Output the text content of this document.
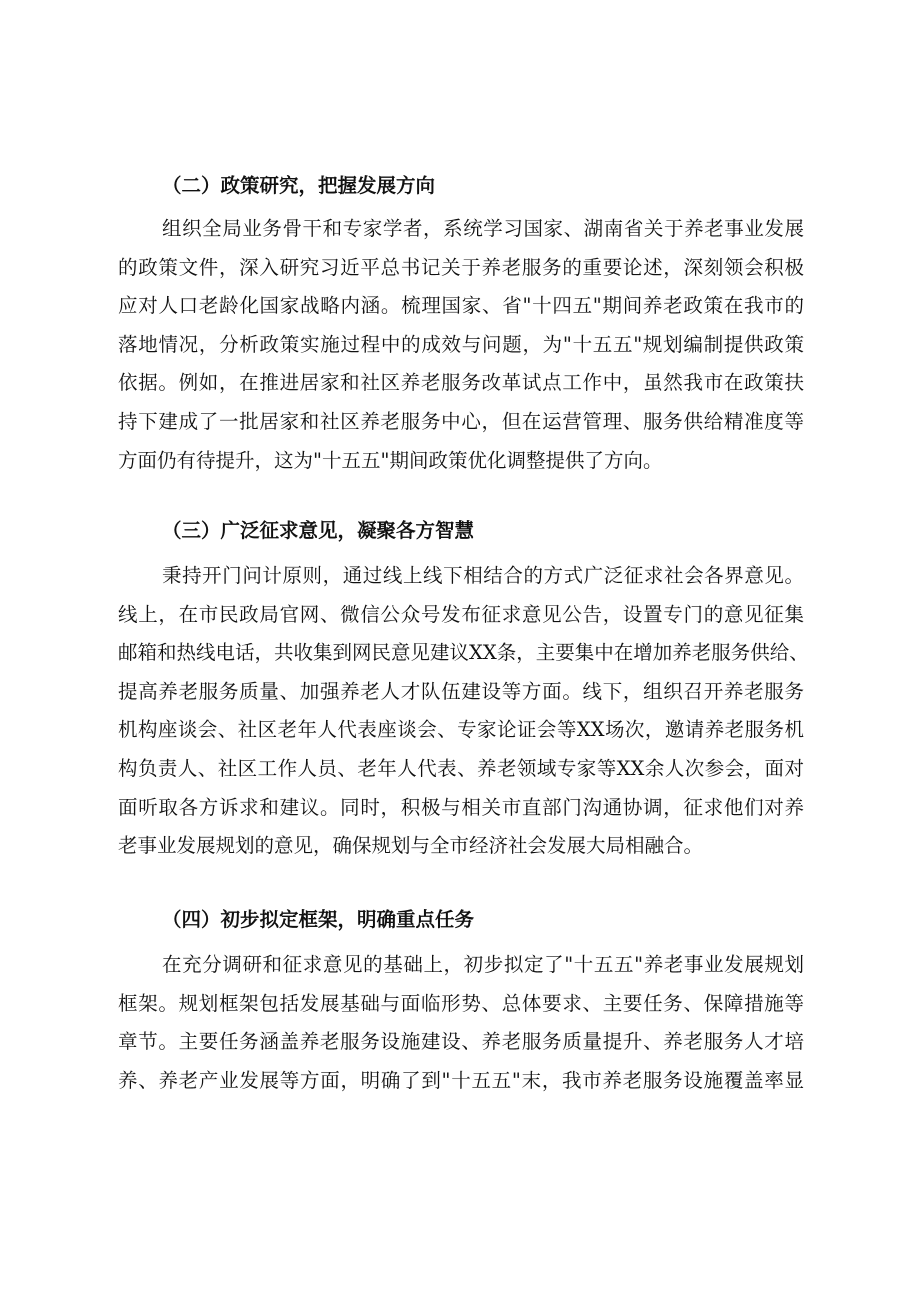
（二）政策研究，把握发展方向
组织全局业务骨干和专家学者，系统学习国家、湖南省关于养老事业发展
的政策文件，深入研究习近平总书记关于养老服务的重要论述，深刻领会积极
应对人口老龄化国家战略内涵。梳理国家、省"十四五"期间养老政策在我市的
落地情况，分析政策实施过程中的成效与问题，为"十五五"规划编制提供政策
依据。例如，在推进居家和社区养老服务改革试点工作中，虽然我市在政策扶
持下建成了一批居家和社区养老服务中心，但在运营管理、服务供给精准度等
方面仍有待提升，这为"十五五"期间政策优化调整提供了方向。
（三）广泛征求意见，凝聚各方智慧
秉持开门问计原则，通过线上线下相结合的方式广泛征求社会各界意见。
线上，在市民政局官网、微信公众号发布征求意见公告，设置专门的意见征集
邮箱和热线电话，共收集到网民意见建议XX条，主要集中在增加养老服务供给、
提高养老服务质量、加强养老人才队伍建设等方面。线下，组织召开养老服务
机构座谈会、社区老年人代表座谈会、专家论证会等XX场次，邀请养老服务机
构负责人、社区工作人员、老年人代表、养老领域专家等XX余人次参会，面对
面听取各方诉求和建议。同时，积极与相关市直部门沟通协调，征求他们对养
老事业发展规划的意见，确保规划与全市经济社会发展大局相融合。
（四）初步拟定框架，明确重点任务
在充分调研和征求意见的基础上，初步拟定了"十五五"养老事业发展规划
框架。规划框架包括发展基础与面临形势、总体要求、主要任务、保障措施等
章节。主要任务涵盖养老服务设施建设、养老服务质量提升、养老服务人才培
养、养老产业发展等方面，明确了到"十五五"末，我市养老服务设施覆盖率显
